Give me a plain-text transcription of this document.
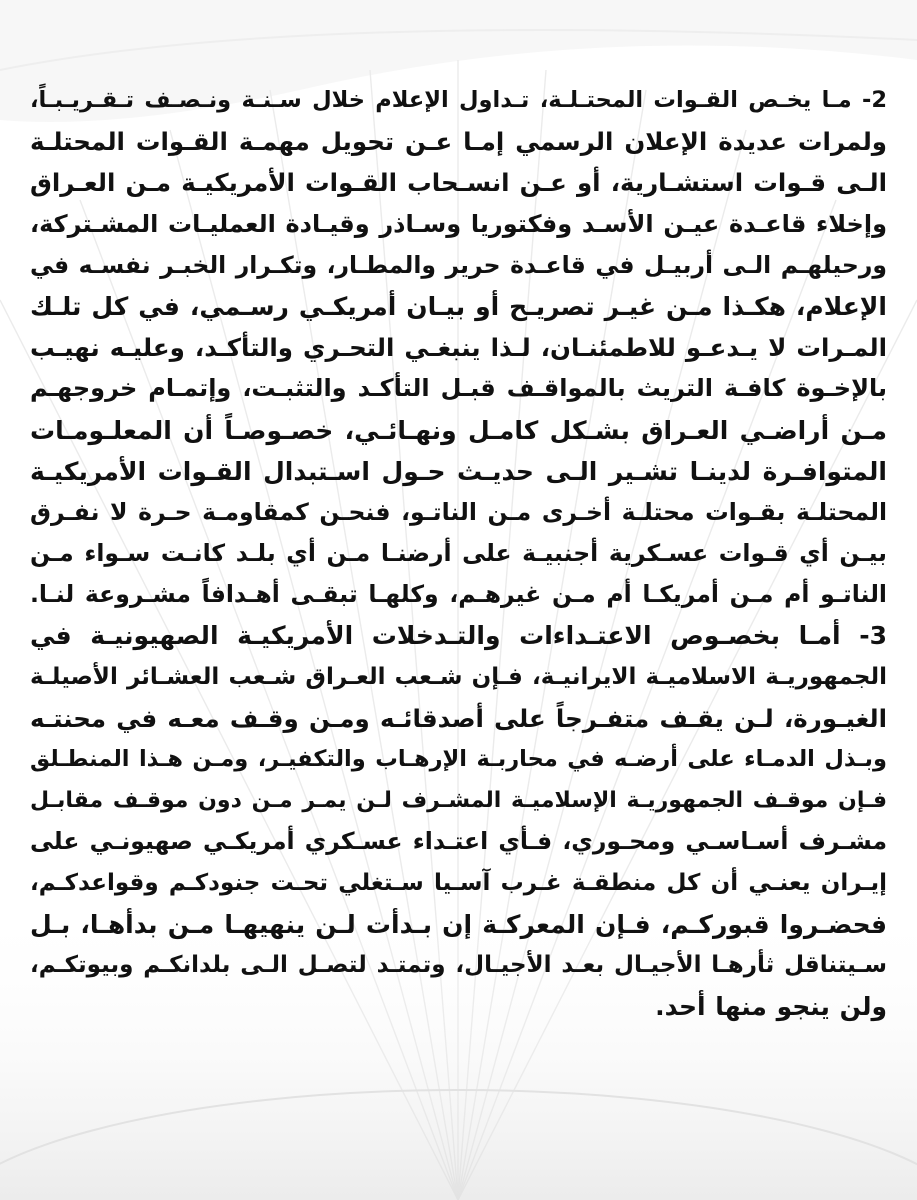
2- مـا يخـص القـوات المحتـلـة، تـداول الإعلام خلال سـنـة ونـصـف تـقـريـبـاً،
ولمرات عديدة الإعلان الرسمي إمـا عـن تحويل مهمـة القـوات المحتلـة
الـى قـوات استشـارية، أو عـن انسـحاب القـوات الأمريكيـة مـن العـراق
وإخلاء قاعـدة عيـن الأسـد وفكتوريا وسـاذر وقيـادة العمليـات المشـتركة،
ورحيلهـم الـى أربيـل في قاعـدة حرير والمطـار، وتكـرار الخبـر نفسـه في
الإعلام، هكـذا مـن غيـر تصريـح أو بيـان أمريكـي رسـمي، في كل تلـك
المـرات لا يـدعـو للاطمئنـان، لـذا ينبغـي التحـري والتأكـد، وعليـه نهيـب
بالإخـوة كافـة التريث بالمواقـف قبـل التأكـد والتثبـت، وإتمـام خروجهـم
مـن أراضـي العـراق بشـكل كامـل ونهـائـي، خصـوصـاً أن المعلـومـات
المتوافـرة لدينـا تشـير الـى حديـث حـول اسـتبدال القـوات الأمريكيـة
المحتلـة بقـوات محتلـة أخـرى مـن الناتـو، فنحـن كمقاومـة حـرة لا نفـرق
بيـن أي قـوات عسـكرية أجنبيـة على أرضنـا مـن أي بلـد كانـت سـواء مـن
الناتـو أم مـن أمريكـا أم مـن غيرهـم، وكلهـا تبقـى أهـدافاً مشـروعة لنـا.
3- أمـا بخصـوص الاعتـداءات والتـدخلات الأمريكيـة الصهيونيـة في
الجمهوريـة الاسلاميـة الايرانيـة، فـإن شـعب العـراق شـعب العشـائر الأصيلـة
الغيـورة، لـن يقـف متفـرجاً على أصدقائـه ومـن وقـف معـه في محنتـه
وبـذل الدمـاء على أرضـه في محاربـة الإرهـاب والتكفيـر، ومـن هـذا المنطـلق
فـإن موقـف الجمهوريـة الإسلاميـة المشـرف لـن يمـر مـن دون موقـف مقابـل
مشـرف أسـاسـي ومحـوري، فـأي اعتـداء عسـكري أمريكـي صهيونـي على
إيـران يعنـي أن كل منطقـة غـرب آسـيا سـتغلي تحـت جنودكـم وقواعدكـم،
فحضـروا قبوركـم، فـإن المعركـة إن بـدأت لـن ينهيهـا مـن بدأهـا، بـل
سـيتناقل ثأرهـا الأجيـال بعـد الأجيـال، وتمتـد لتصـل الـى بلدانكـم وبيوتكـم،
ولن ينجو منها أحد.
